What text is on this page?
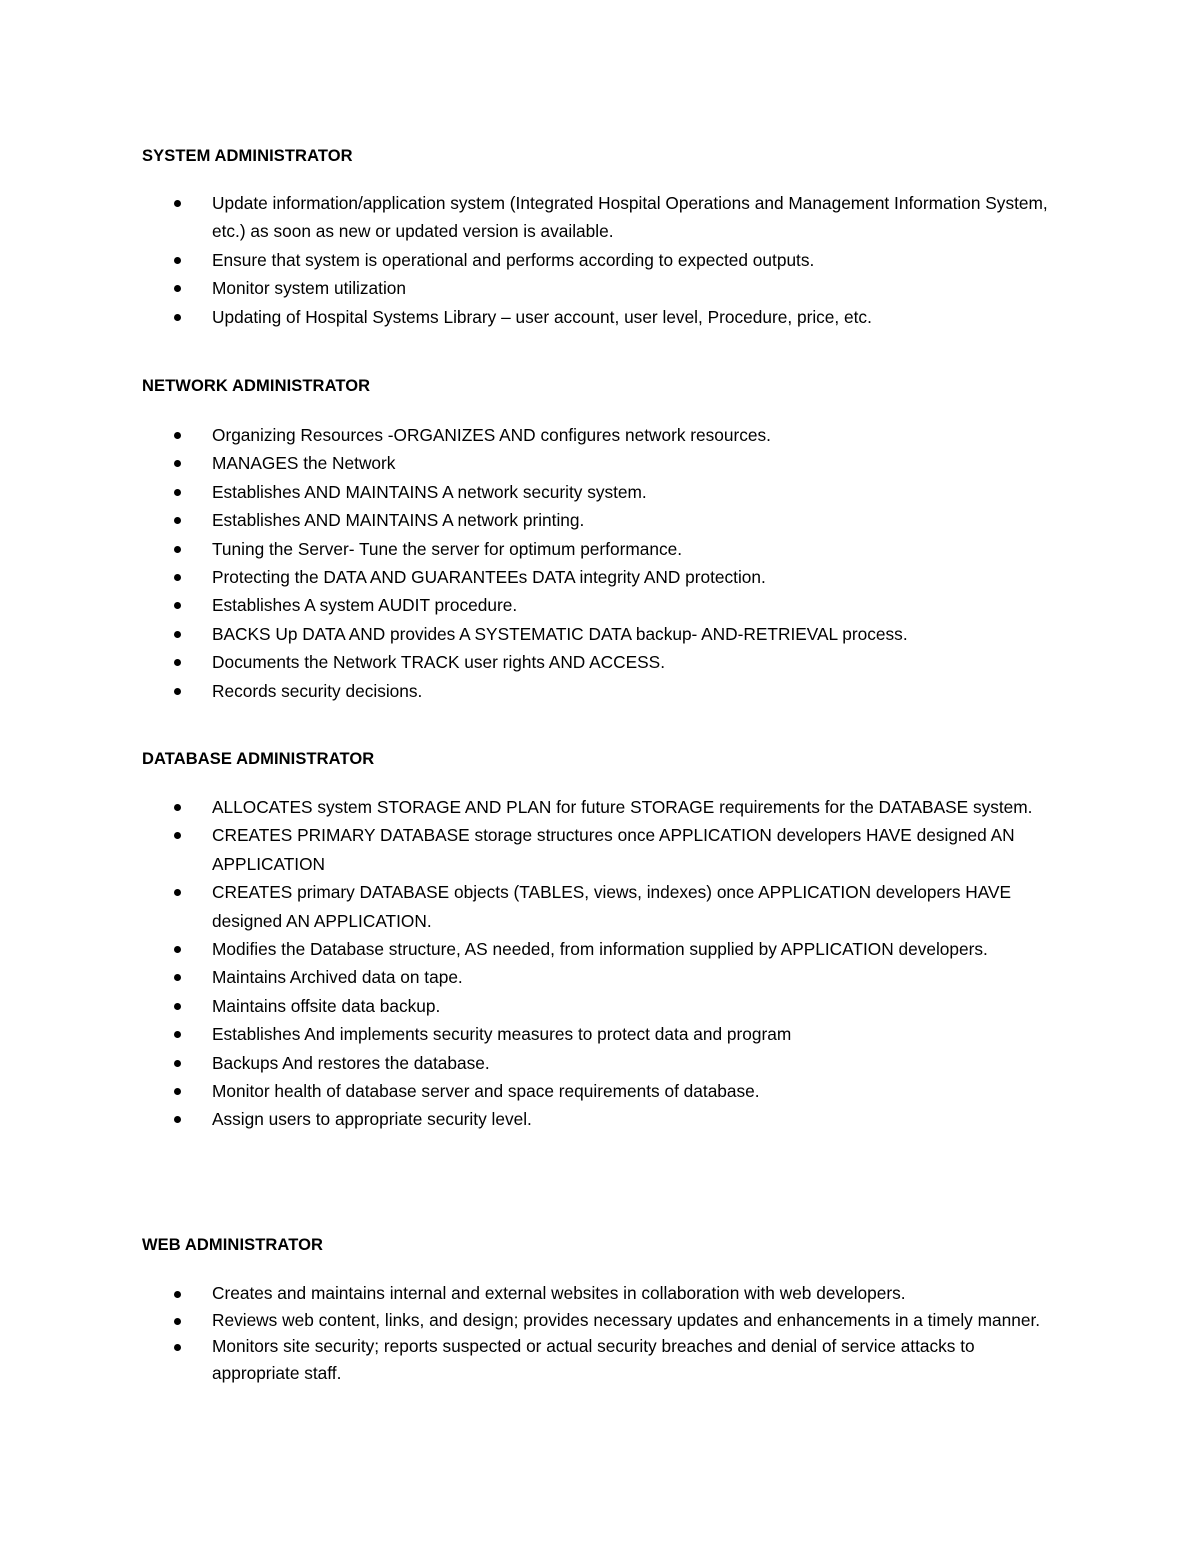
SYSTEM ADMINISTRATOR
Update information/application system (Integrated Hospital Operations and Management Information System, etc.) as soon as new or updated version is available.
Ensure that system is operational and performs according to expected outputs.
Monitor system utilization
Updating of Hospital Systems Library – user account, user level, Procedure, price, etc.
NETWORK ADMINISTRATOR
Organizing Resources -ORGANIZES AND configures network resources.
MANAGES the Network
Establishes AND MAINTAINS A network security system.
Establishes AND MAINTAINS A network printing.
Tuning the Server- Tune the server for optimum performance.
Protecting the DATA AND GUARANTEEs DATA integrity AND protection.
Establishes A system AUDIT procedure.
BACKS Up DATA AND provides A SYSTEMATIC DATA backup- AND-RETRIEVAL process.
Documents the Network TRACK user rights AND ACCESS.
Records security decisions.
DATABASE ADMINISTRATOR
ALLOCATES system STORAGE AND PLAN for future STORAGE requirements for the DATABASE system.
CREATES PRIMARY DATABASE storage structures once APPLICATION developers HAVE designed AN APPLICATION
CREATES primary DATABASE objects (TABLES, views, indexes) once APPLICATION developers HAVE designed AN APPLICATION.
Modifies the Database structure, AS needed, from information supplied by APPLICATION developers.
Maintains Archived data on tape.
Maintains offsite data backup.
Establishes And implements security measures to protect data and program
Backups And restores the database.
Monitor health of database server and space requirements of database.
Assign users to appropriate security level.
WEB ADMINISTRATOR
Creates and maintains internal and external websites in collaboration with web developers.
Reviews web content, links, and design; provides necessary updates and enhancements in a timely manner.
Monitors site security; reports suspected or actual security breaches and denial of service attacks to appropriate staff.
